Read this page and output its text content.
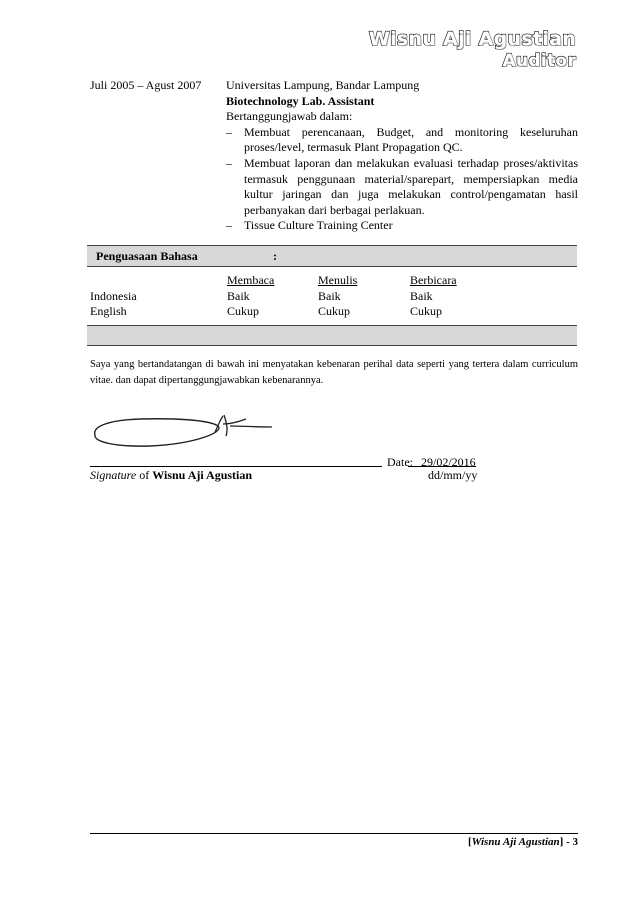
Wisnu Aji Agustian
Auditor
Juli 2005 – Agust 2007 Universitas Lampung, Bandar Lampung
Biotechnology Lab. Assistant
Bertanggungjawab dalam:
– Membuat perencanaan, Budget, and monitoring keseluruhan proses/level, termasuk Plant Propagation QC.
– Membuat laporan dan melakukan evaluasi terhadap proses/aktivitas termasuk penggunaan material/sparepart, mempersiapkan media kultur jaringan dan juga melakukan control/pengamatan hasil perbanyakan dari berbagai perlakuan.
– Tissue Culture Training Center
Penguasaan Bahasa	:
	Membaca	Menulis	Berbicara
Indonesia	Baik	Baik	Baik
English	Cukup	Cukup	Cukup
Saya yang bertandatangan di bawah ini menyatakan kebenaran perihal data seperti yang tertera dalam curriculum vitae. dan dapat dipertanggungjawabkan kebenarannya.
Date: 29/02/2016
Signature of Wisnu Aji Agustian	dd/mm/yy
[Wisnu Aji Agustian] - 3
